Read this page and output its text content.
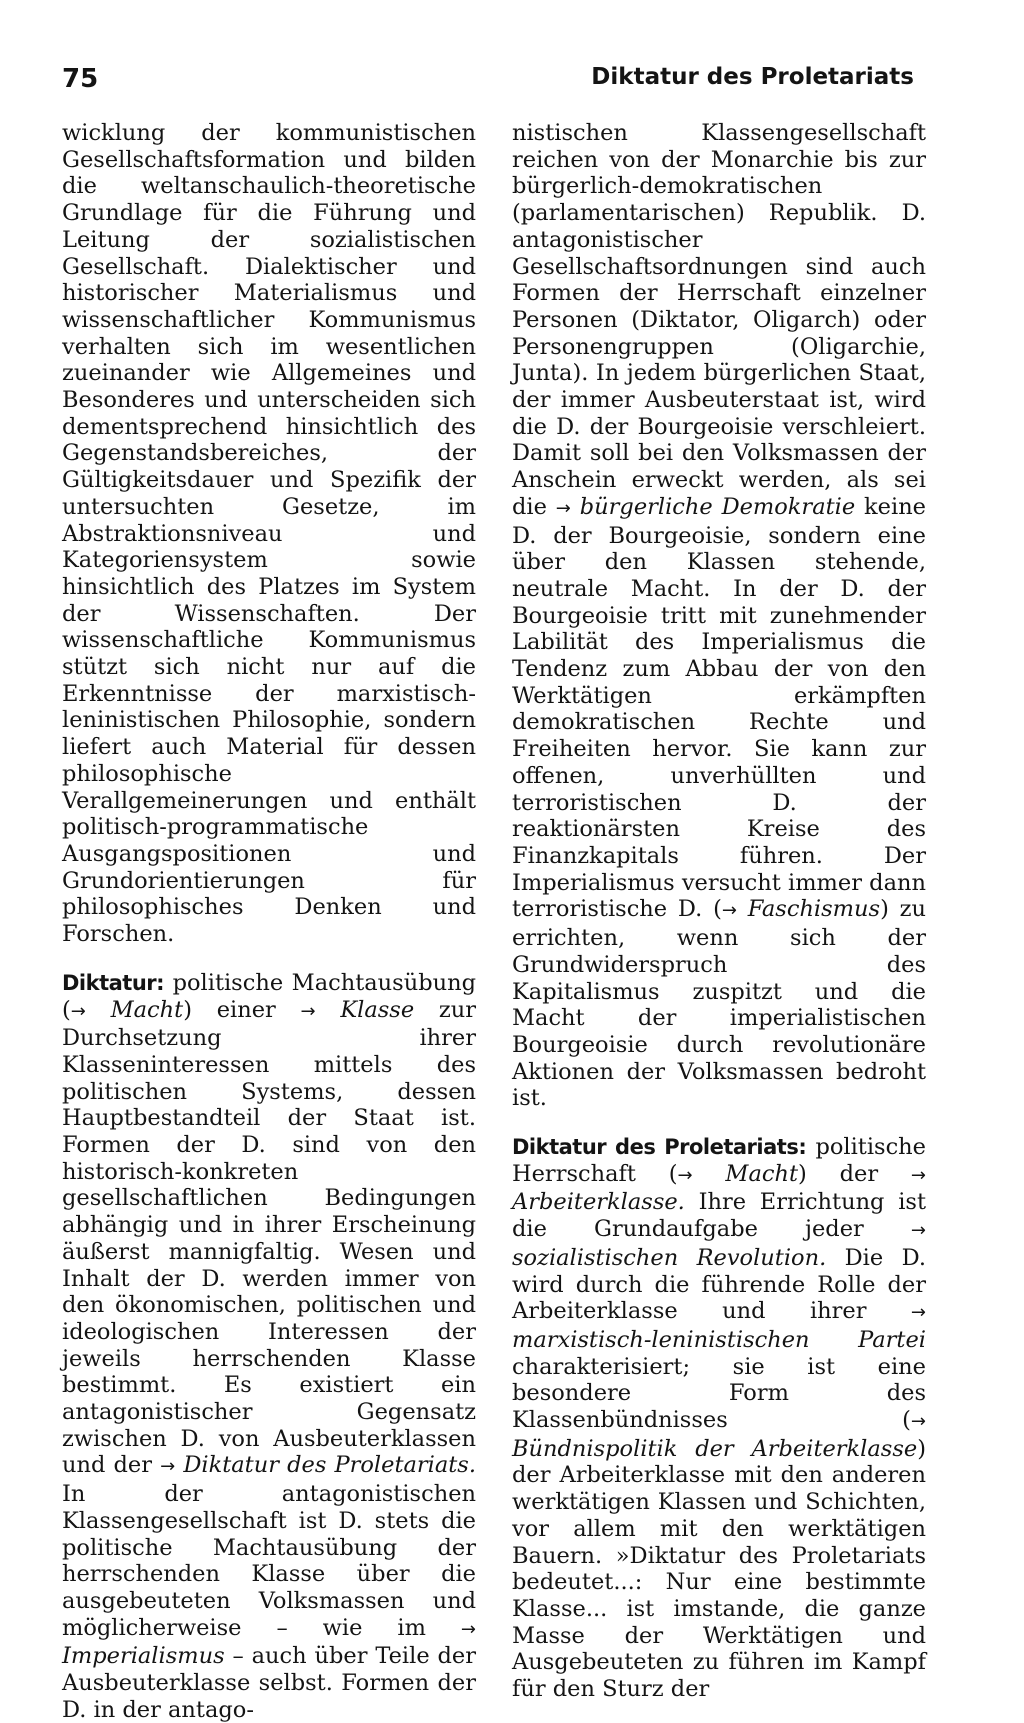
75	Diktatur des Proletariats

wicklung der kommunistischen Gesellschaftsformation und bilden die weltanschaulich-theoretische Grundlage für die Führung und Leitung der sozialistischen Gesellschaft. Dialektischer und historischer Materialismus und wissenschaftlicher Kommunismus verhalten sich im wesentlichen zueinander wie Allgemeines und Besonderes und unterscheiden sich dementsprechend hinsichtlich des Gegenstandsbereiches, der Gültigkeitsdauer und Spezifik der untersuchten Gesetze, im Abstraktionsniveau und Kategoriensystem sowie hinsichtlich des Platzes im System der Wissenschaften. Der wissenschaftliche Kommunismus stützt sich nicht nur auf die Erkenntnisse der marxistisch-leninistischen Philosophie, sondern liefert auch Material für dessen philosophische Verallgemeinerungen und enthält politisch-programmatische Ausgangspositionen und Grundorientierungen für philosophisches Denken und Forschen.

Diktatur: politische Machtausübung (→ Macht) einer → Klasse zur Durchsetzung ihrer Klasseninteressen mittels des politischen Systems, dessen Hauptbestandteil der Staat ist. Formen der D. sind von den historisch-konkreten gesellschaftlichen Bedingungen abhängig und in ihrer Erscheinung äußerst mannigfaltig. Wesen und Inhalt der D. werden immer von den ökonomischen, politischen und ideologischen Interessen der jeweils herrschenden Klasse bestimmt. Es existiert ein antagonistischer Gegensatz zwischen D. von Ausbeuterklassen und der → Diktatur des Proletariats. In der antagonistischen Klassengesellschaft ist D. stets die politische Machtausübung der herrschenden Klasse über die ausgebeuteten Volksmassen und möglicherweise – wie im → Imperialismus – auch über Teile der Ausbeuterklasse selbst. Formen der D. in der antago-

nistischen Klassengesellschaft reichen von der Monarchie bis zur bürgerlich-demokratischen (parlamentarischen) Republik. D. antagonistischer Gesellschaftsordnungen sind auch Formen der Herrschaft einzelner Personen (Diktator, Oligarch) oder Personengruppen (Oligarchie, Junta). In jedem bürgerlichen Staat, der immer Ausbeuterstaat ist, wird die D. der Bourgeoisie verschleiert. Damit soll bei den Volksmassen der Anschein erweckt werden, als sei die → bürgerliche Demokratie keine D. der Bourgeoisie, sondern eine über den Klassen stehende, neutrale Macht. In der D. der Bourgeoisie tritt mit zunehmender Labilität des Imperialismus die Tendenz zum Abbau der von den Werktätigen erkämpften demokratischen Rechte und Freiheiten hervor. Sie kann zur offenen, unverhüllten und terroristischen D. der reaktionärsten Kreise des Finanzkapitals führen. Der Imperialismus versucht immer dann terroristische D. (→ Faschismus) zu errichten, wenn sich der Grundwiderspruch des Kapitalismus zuspitzt und die Macht der imperialistischen Bourgeoisie durch revolutionäre Aktionen der Volksmassen bedroht ist.

Diktatur des Proletariats: politische Herrschaft (→ Macht) der → Arbeiterklasse. Ihre Errichtung ist die Grundaufgabe jeder → sozialistischen Revolution. Die D. wird durch die führende Rolle der Arbeiterklasse und ihrer → marxistisch-leninistischen Partei charakterisiert; sie ist eine besondere Form des Klassenbündnisses (→ Bündnispolitik der Arbeiterklasse) der Arbeiterklasse mit den anderen werktätigen Klassen und Schichten, vor allem mit den werktätigen Bauern. »Diktatur des Proletariats bedeutet...: Nur eine bestimmte Klasse... ist imstande, die ganze Masse der Werktätigen und Ausgebeuteten zu führen im Kampf für den Sturz der
